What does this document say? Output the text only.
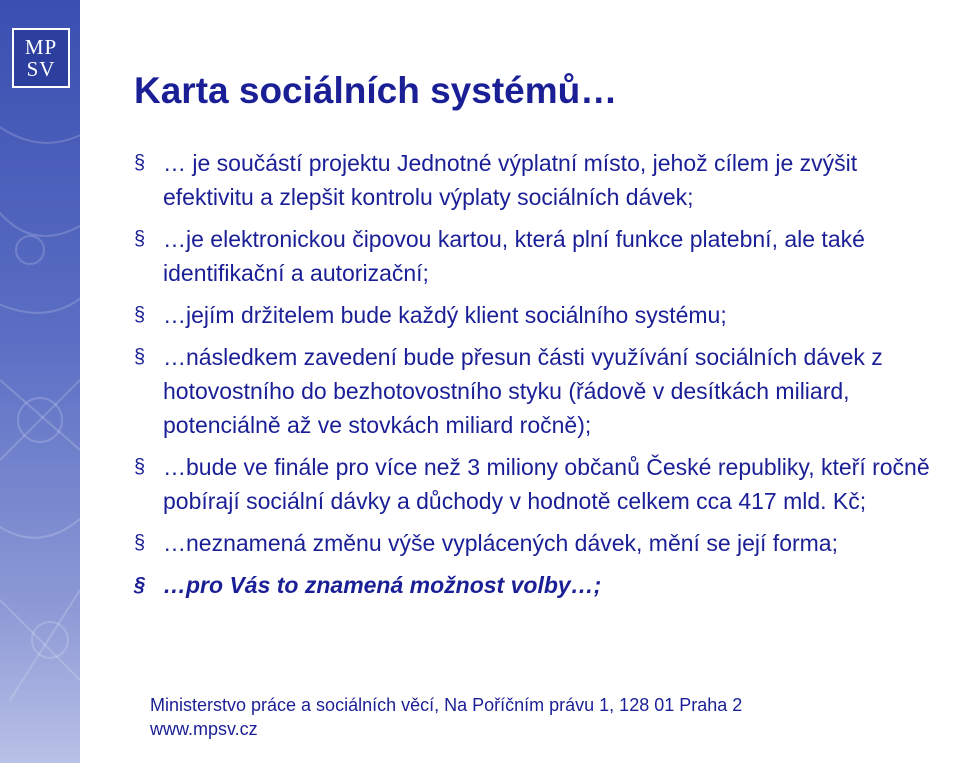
MP
SV
Karta sociálních systémů…
§ … je součástí projektu Jednotné výplatní místo, jehož cílem je zvýšit efektivitu a zlepšit kontrolu výplaty sociálních dávek;
§ …je elektronickou čipovou kartou, která plní funkce platební, ale také identifikační a autorizační;
§ …jejím držitelem bude každý klient sociálního systému;
§ …následkem zavedení bude přesun části využívání sociálních dávek z hotovostního do bezhotovostního styku (řádově v desítkách miliard, potenciálně až ve stovkách miliard ročně);
§ …bude ve finále pro více než 3 miliony občanů České republiky, kteří ročně pobírají sociální dávky a důchody v hodnotě celkem cca 417 mld. Kč;
§ …neznamená změnu výše vyplácených dávek, mění se její forma;
§ …pro Vás to znamená možnost volby…;
Ministerstvo práce a sociálních věcí, Na Poříčním právu 1, 128 01 Praha 2
www.mpsv.cz
